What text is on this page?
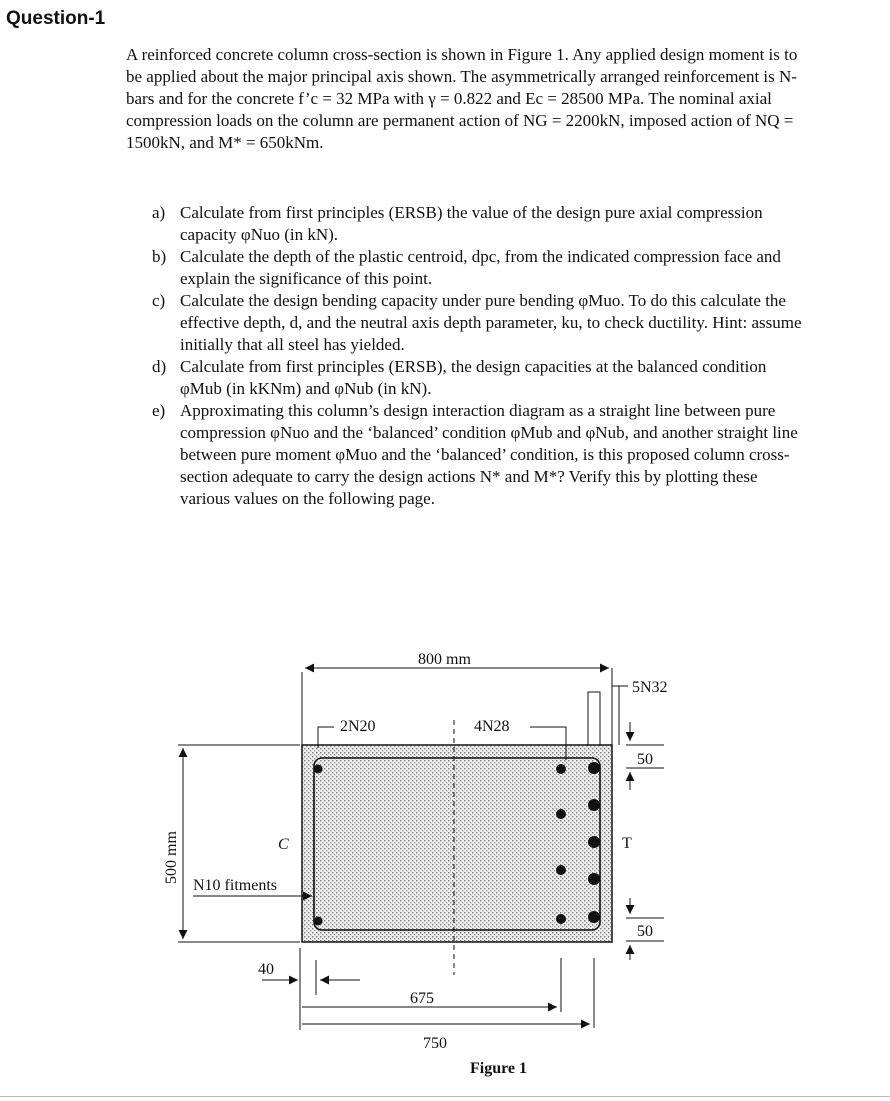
Question-1

A reinforced concrete column cross-section is shown in Figure 1. Any applied design moment is to be applied about the major principal axis shown. The asymmetrically arranged reinforcement is N-bars and for the concrete f’c = 32 MPa with γ = 0.822 and Ec = 28500 MPa. The nominal axial compression loads on the column are permanent action of NG = 2200kN, imposed action of NQ = 1500kN, and M* = 650kNm.

a) Calculate from first principles (ERSB) the value of the design pure axial compression capacity φNuo (in kN).
b) Calculate the depth of the plastic centroid, dpc, from the indicated compression face and explain the significance of this point.
c) Calculate the design bending capacity under pure bending φMuo. To do this calculate the effective depth, d, and the neutral axis depth parameter, ku, to check ductility. Hint: assume initially that all steel has yielded.
d) Calculate from first principles (ERSB), the design capacities at the balanced condition φMub (in kKNm) and φNub (in kN).
e) Approximating this column’s design interaction diagram as a straight line between pure compression φNuo and the ‘balanced’ condition φMub and φNub, and another straight line between pure moment φMuo and the ‘balanced’ condition, is this proposed column cross-section adequate to carry the design actions N* and M*? Verify this by plotting these various values on the following page.
800 mm
5N32
2N20	4N28
500 mm	C
N10 fitments
T
50
50
40
675
750
Figure 1
